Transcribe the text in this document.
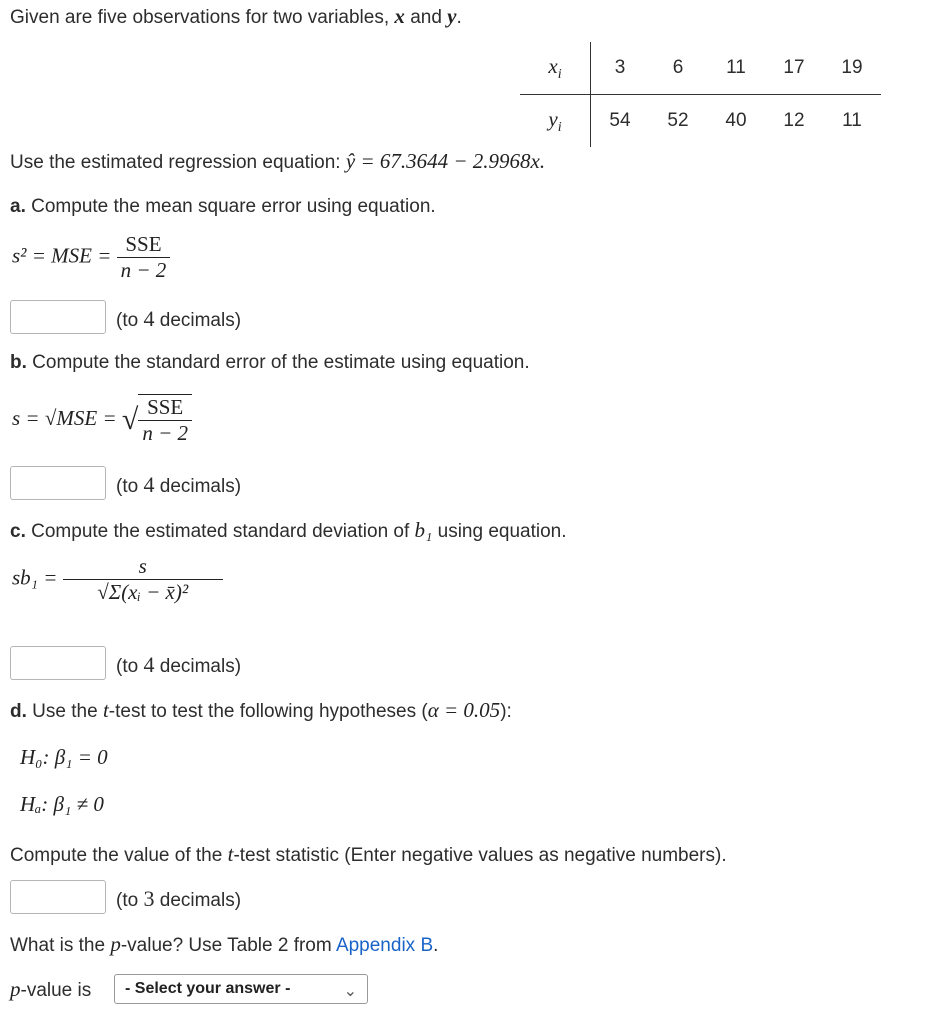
Given are five observations for two variables, x and y.
$x_i$	3	6	11	17	19
$y_i$	54	52	40	12	11
Use the estimated regression equation: ŷ = 67.3644 − 2.9968x.
a. Compute the mean square error using equation.
s² = MSE = $\frac{\text{SSE}}{n - 2}$
(to 4 decimals)
b. Compute the standard error of the estimate using equation.
s = √MSE = √ $\frac{\text{SSE}}{n - 2}$
(to 4 decimals)
c. Compute the estimated standard deviation of b₁ using equation.
$sb_1 = \frac{s}{\text{√Σ(xᵢ − x̄)²}}$
(to 4 decimals)
d. Use the t-test to test the following hypotheses (α = 0.05):
H₀: β₁ = 0
Hₐ: β₁ ≠ 0
Compute the value of the t-test statistic (Enter negative values as negative numbers).
(to 3 decimals)
What is the p-value? Use Table 2 from Appendix B.
p-value is	- Select your answer -	⌄
